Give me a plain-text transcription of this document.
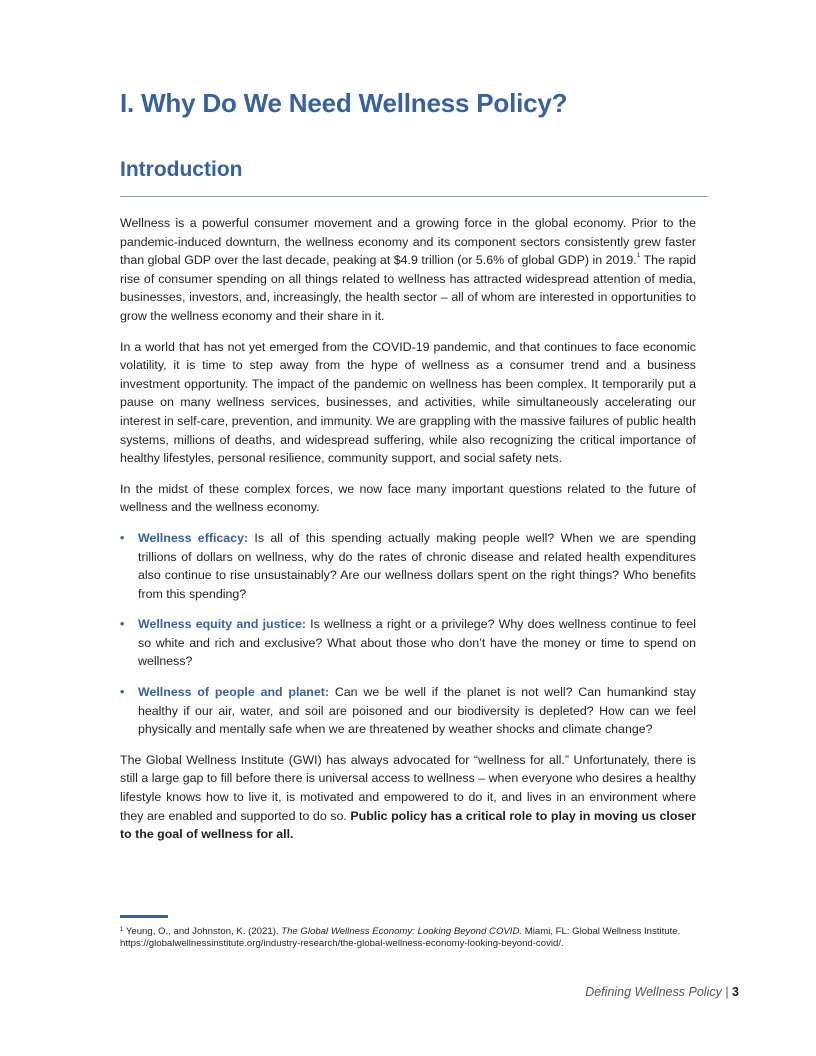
I. Why Do We Need Wellness Policy?
Introduction

Wellness is a powerful consumer movement and a growing force in the global economy. Prior to the pandemic-induced downturn, the wellness economy and its component sectors consistently grew faster than global GDP over the last decade, peaking at $4.9 trillion (or 5.6% of global GDP) in 2019.$^1$ The rapid rise of consumer spending on all things related to wellness has attracted widespread attention of media, businesses, investors, and, increasingly, the health sector – all of whom are interested in opportunities to grow the wellness economy and their share in it.

In a world that has not yet emerged from the COVID-19 pandemic, and that continues to face economic volatility, it is time to step away from the hype of wellness as a consumer trend and a business investment opportunity. The impact of the pandemic on wellness has been complex. It temporarily put a pause on many wellness services, businesses, and activities, while simultaneously accelerating our interest in self-care, prevention, and immunity. We are grappling with the massive failures of public health systems, millions of deaths, and widespread suffering, while also recognizing the critical importance of healthy lifestyles, personal resilience, community support, and social safety nets.

In the midst of these complex forces, we now face many important questions related to the future of wellness and the wellness economy.

• Wellness efficacy: Is all of this spending actually making people well? When we are spending trillions of dollars on wellness, why do the rates of chronic disease and related health expenditures also continue to rise unsustainably? Are our wellness dollars spent on the right things? Who benefits from this spending?
• Wellness equity and justice: Is wellness a right or a privilege? Why does wellness continue to feel so white and rich and exclusive? What about those who don’t have the money or time to spend on wellness?
• Wellness of people and planet: Can we be well if the planet is not well? Can humankind stay healthy if our air, water, and soil are poisoned and our biodiversity is depleted? How can we feel physically and mentally safe when we are threatened by weather shocks and climate change?

The Global Wellness Institute (GWI) has always advocated for “wellness for all.” Unfortunately, there is still a large gap to fill before there is universal access to wellness – when everyone who desires a healthy lifestyle knows how to live it, is motivated and empowered to do it, and lives in an environment where they are enabled and supported to do so. Public policy has a critical role to play in moving us closer to the goal of wellness for all.

$^1$ Yeung, O., and Johnston, K. (2021). The Global Wellness Economy: Looking Beyond COVID. Miami, FL: Global Wellness Institute. https://globalwellnessinstitute.org/industry-research/the-global-wellness-economy-looking-beyond-covid/.
Defining Wellness Policy | 3
